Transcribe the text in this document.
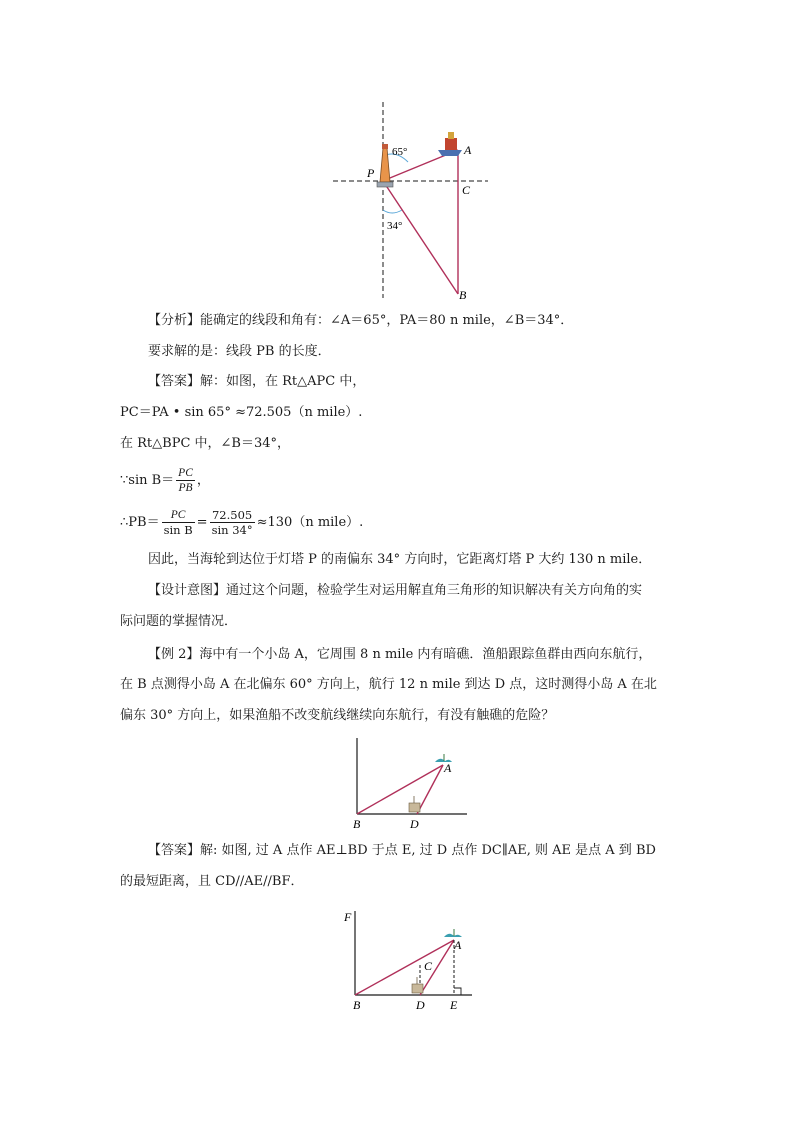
65°
34°
P
A
C
B
【分析】能确定的线段和角有：∠A＝65°，PA＝80 n mile，∠B＝34°．
要求解的是：线段 PB 的长度．
【答案】解：如图，在 Rt△APC 中，
PC＝PA • sin 65° ≈72.505（n mile）.
在 Rt△BPC 中，∠B＝34°，
∵sin $B= \frac{PC}{PB}$ ，
∴PB＝ $\frac{PC}{\text{sin B}} = \frac{72.505}{\sin 34^\circ} \approx 130(n$ mile）.
因此，当海轮到达位于灯塔 P 的南偏东 34° 方向时，它距离灯塔 P 大约 130 n mile．
【设计意图】通过这个问题，检验学生对运用解直角三角形的知识解决有关方向角的实
际问题的掌握情况．
【例 2】海中有一个小岛 A，它周围 8 n mile 内有暗礁．渔船跟踪鱼群由西向东航行，
在 B 点测得小岛 A 在北偏东 60° 方向上，航行 12 n mile 到达 D 点，这时测得小岛 A 在北
偏东 30° 方向上，如果渔船不改变航线继续向东航行，有没有触礁的危险？
A
B	D
【答案】解: 如图, 过 A 点作 AE⊥BD 于点 E, 过 D 点作 DC∥AE, 则 AE 是点 A 到 BD
的最短距离，且 CD//AE//BF．
F
A
C
B	D E
